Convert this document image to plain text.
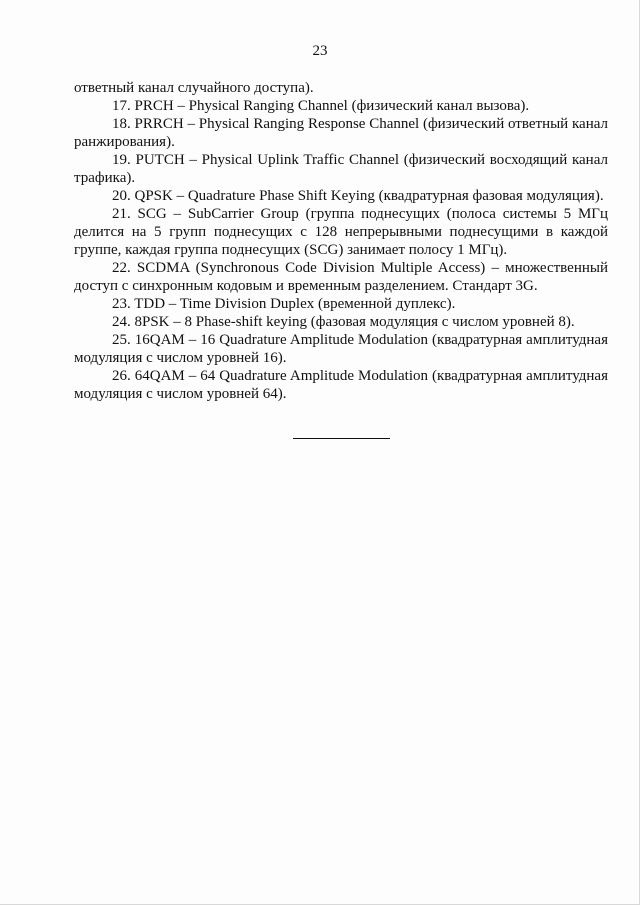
23

ответный канал случайного доступа).

17. PRCH – Physical Ranging Channel (физический канал вызова).

18. PRRCH – Physical Ranging Response Channel (физический ответный канал ранжирования).

19. PUTCH – Physical Uplink Traffic Channel (физический восходящий канал трафика).

20. QPSK – Quadrature Phase Shift Keying (квадратурная фазовая модуляция).

21. SCG – SubCarrier Group (группа поднесущих (полоса системы 5 МГц делится на 5 групп поднесущих с 128 непрерывными поднесущими в каждой группе, каждая группа поднесущих (SCG) занимает полосу 1 МГц).

22. SCDMA (Synchronous Code Division Multiple Access) – множественный доступ с синхронным кодовым и временным разделением. Стандарт 3G.

23. TDD – Time Division Duplex (временной дуплекс).

24. 8PSK – 8 Phase-shift keying (фазовая модуляция с числом уровней 8).

25. 16QAM – 16 Quadrature Amplitude Modulation (квадратурная амплитудная модуляция с числом уровней 16).

26. 64QAM – 64 Quadrature Amplitude Modulation (квадратурная амплитудная модуляция с числом уровней 64).
